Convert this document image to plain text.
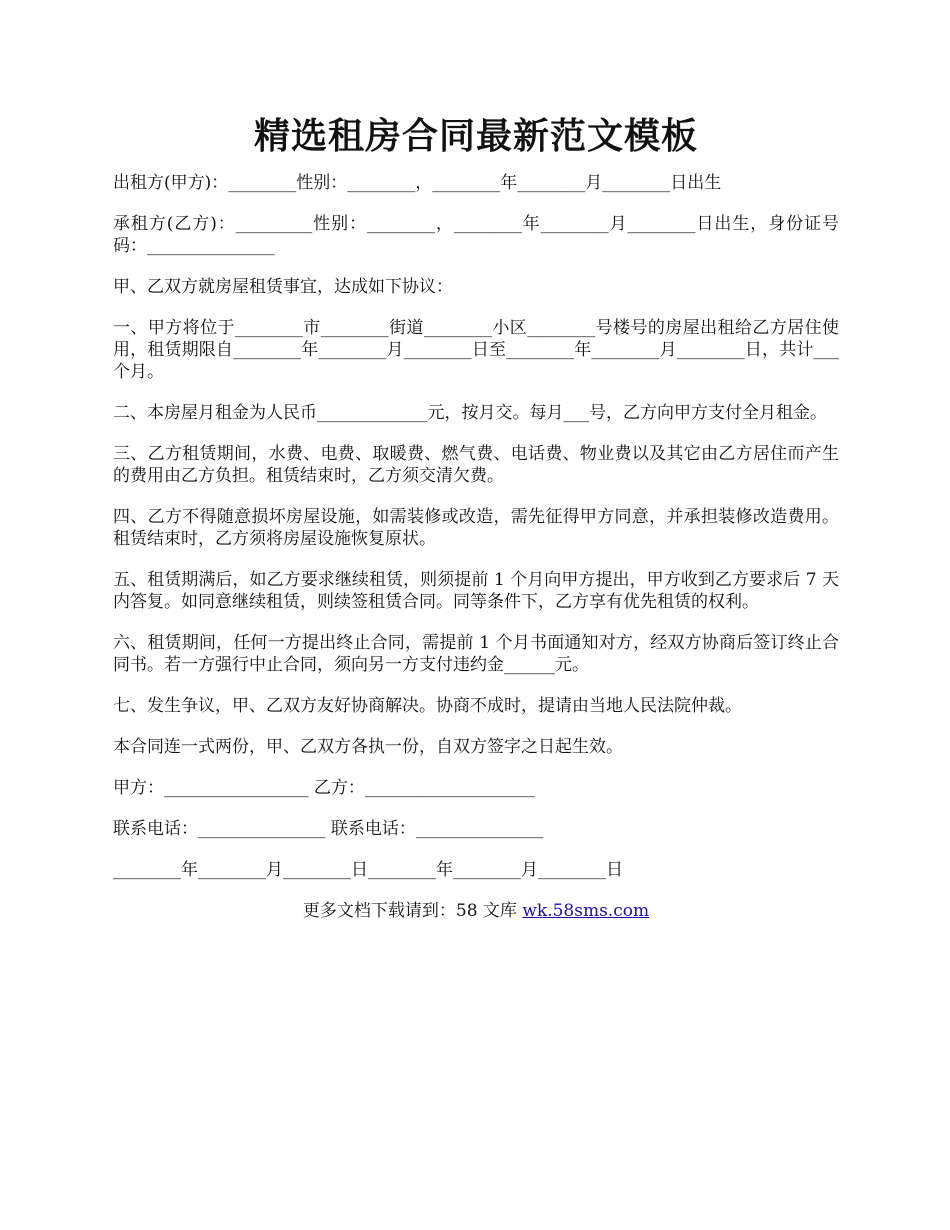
精选租房合同最新范文模板

出租方(甲方)：________性别：________，________年________月________日出生

承租方(乙方)：_________性别：________，________年________月________日出生，身份证号码：_______________

甲、乙双方就房屋租赁事宜，达成如下协议：

一、甲方将位于________市________街道________小区________号楼号的房屋出租给乙方居住使用，租赁期限自________年________月________日至________年________月________日，共计___个月。

二、本房屋月租金为人民币_____________元，按月交。每月___号，乙方向甲方支付全月租金。

三、乙方租赁期间，水费、电费、取暖费、燃气费、电话费、物业费以及其它由乙方居住而产生的费用由乙方负担。租赁结束时，乙方须交清欠费。

四、乙方不得随意损坏房屋设施，如需装修或改造，需先征得甲方同意，并承担装修改造费用。租赁结束时，乙方须将房屋设施恢复原状。

五、租赁期满后，如乙方要求继续租赁，则须提前 1 个月向甲方提出，甲方收到乙方要求后 7 天内答复。如同意继续租赁，则续签租赁合同。同等条件下，乙方享有优先租赁的权利。

六、租赁期间，任何一方提出终止合同，需提前 1 个月书面通知对方，经双方协商后签订终止合同书。若一方强行中止合同，须向另一方支付违约金______元。

七、发生争议，甲、乙双方友好协商解决。协商不成时，提请由当地人民法院仲裁。

本合同连一式两份，甲、乙双方各执一份，自双方签字之日起生效。

甲方：_________________ 乙方：____________________

联系电话：_______________ 联系电话：_______________

________年________月________日________年________月________日

更多文档下载请到：58 文库 wk.58sms.com
